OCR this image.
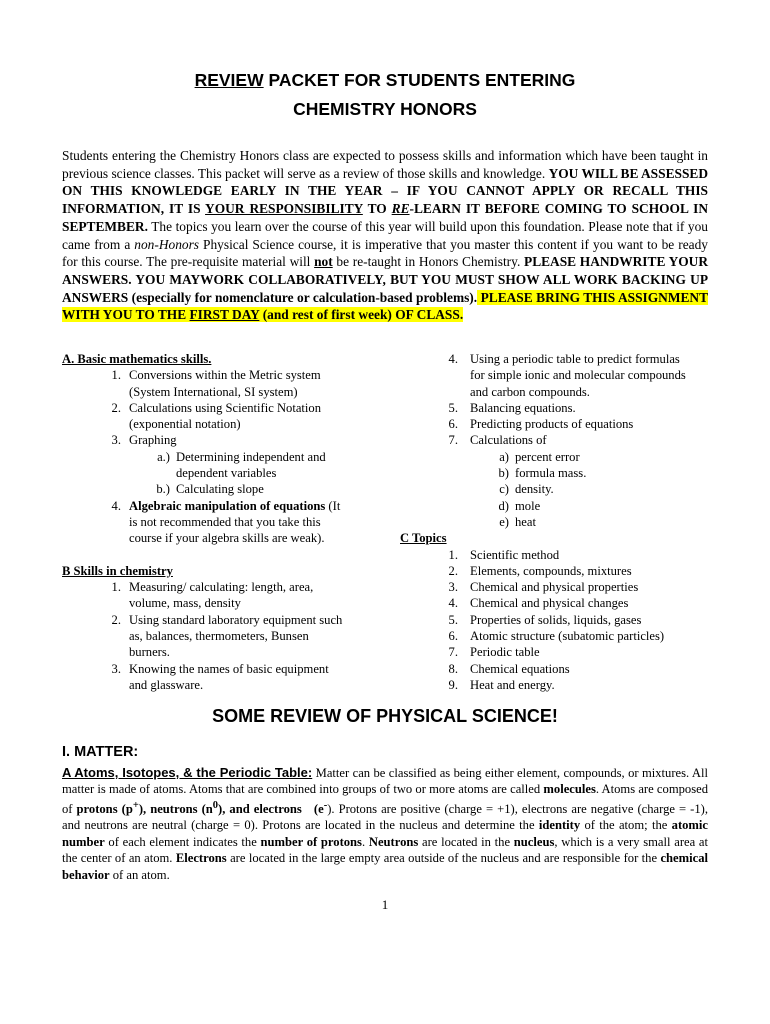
REVIEW PACKET FOR STUDENTS ENTERING
CHEMISTRY HONORS
Students entering the Chemistry Honors class are expected to possess skills and information which have been taught in previous science classes. This packet will serve as a review of those skills and knowledge. YOU WILL BE ASSESSED ON THIS KNOWLEDGE EARLY IN THE YEAR – IF YOU CANNOT APPLY OR RECALL THIS INFORMATION, IT IS YOUR RESPONSIBILITY TO RE-LEARN IT BEFORE COMING TO SCHOOL IN SEPTEMBER. The topics you learn over the course of this year will build upon this foundation. Please note that if you came from a non-Honors Physical Science course, it is imperative that you master this content if you want to be ready for this course. The pre-requisite material will not be re-taught in Honors Chemistry. PLEASE HANDWRITE YOUR ANSWERS. YOU MAYWORK COLLABORATIVELY, BUT YOU MUST SHOW ALL WORK BACKING UP ANSWERS (especially for nomenclature or calculation-based problems). PLEASE BRING THIS ASSIGNMENT WITH YOU TO THE FIRST DAY (and rest of first week) OF CLASS.
A. Basic mathematics skills.
1. Conversions within the Metric system
(System International, SI system)
2. Calculations using Scientific Notation
(exponential notation)
3. Graphing
a.) Determining independent and
dependent variables
b.) Calculating slope
4. Algebraic manipulation of equations (It
is not recommended that you take this
course if your algebra skills are weak).
B Skills in chemistry
1. Measuring/ calculating: length, area,
volume, mass, density
2. Using standard laboratory equipment such
as, balances, thermometers, Bunsen
burners.
3. Knowing the names of basic equipment
and glassware.
4. Using a periodic table to predict formulas
for simple ionic and molecular compounds
and carbon compounds.
5. Balancing equations.
6. Predicting products of equations
7. Calculations of
a) percent error
b) formula mass.
c) density.
d) mole
e) heat
C Topics
1. Scientific method
2. Elements, compounds, mixtures
3. Chemical and physical properties
4. Chemical and physical changes
5. Properties of solids, liquids, gases
6. Atomic structure (subatomic particles)
7. Periodic table
8. Chemical equations
9. Heat and energy.
SOME REVIEW OF PHYSICAL SCIENCE!
I. MATTER:
A Atoms, Isotopes, & the Periodic Table: Matter can be classified as being either element, compounds, or mixtures. All matter is made of atoms. Atoms that are combined into groups of two or more atoms are called molecules. Atoms are composed of protons (p+), neutrons $(n^0)$, and electrons (e-). Protons are positive (charge = +1), electrons are negative (charge = -1), and neutrons are neutral (charge = 0). Protons are located in the nucleus and determine the identity of the atom; the atomic number of each element indicates the number of protons. Neutrons are located in the nucleus, which is a very small area at the center of an atom. Electrons are located in the large empty area outside of the nucleus and are responsible for the chemical behavior of an atom.
1
